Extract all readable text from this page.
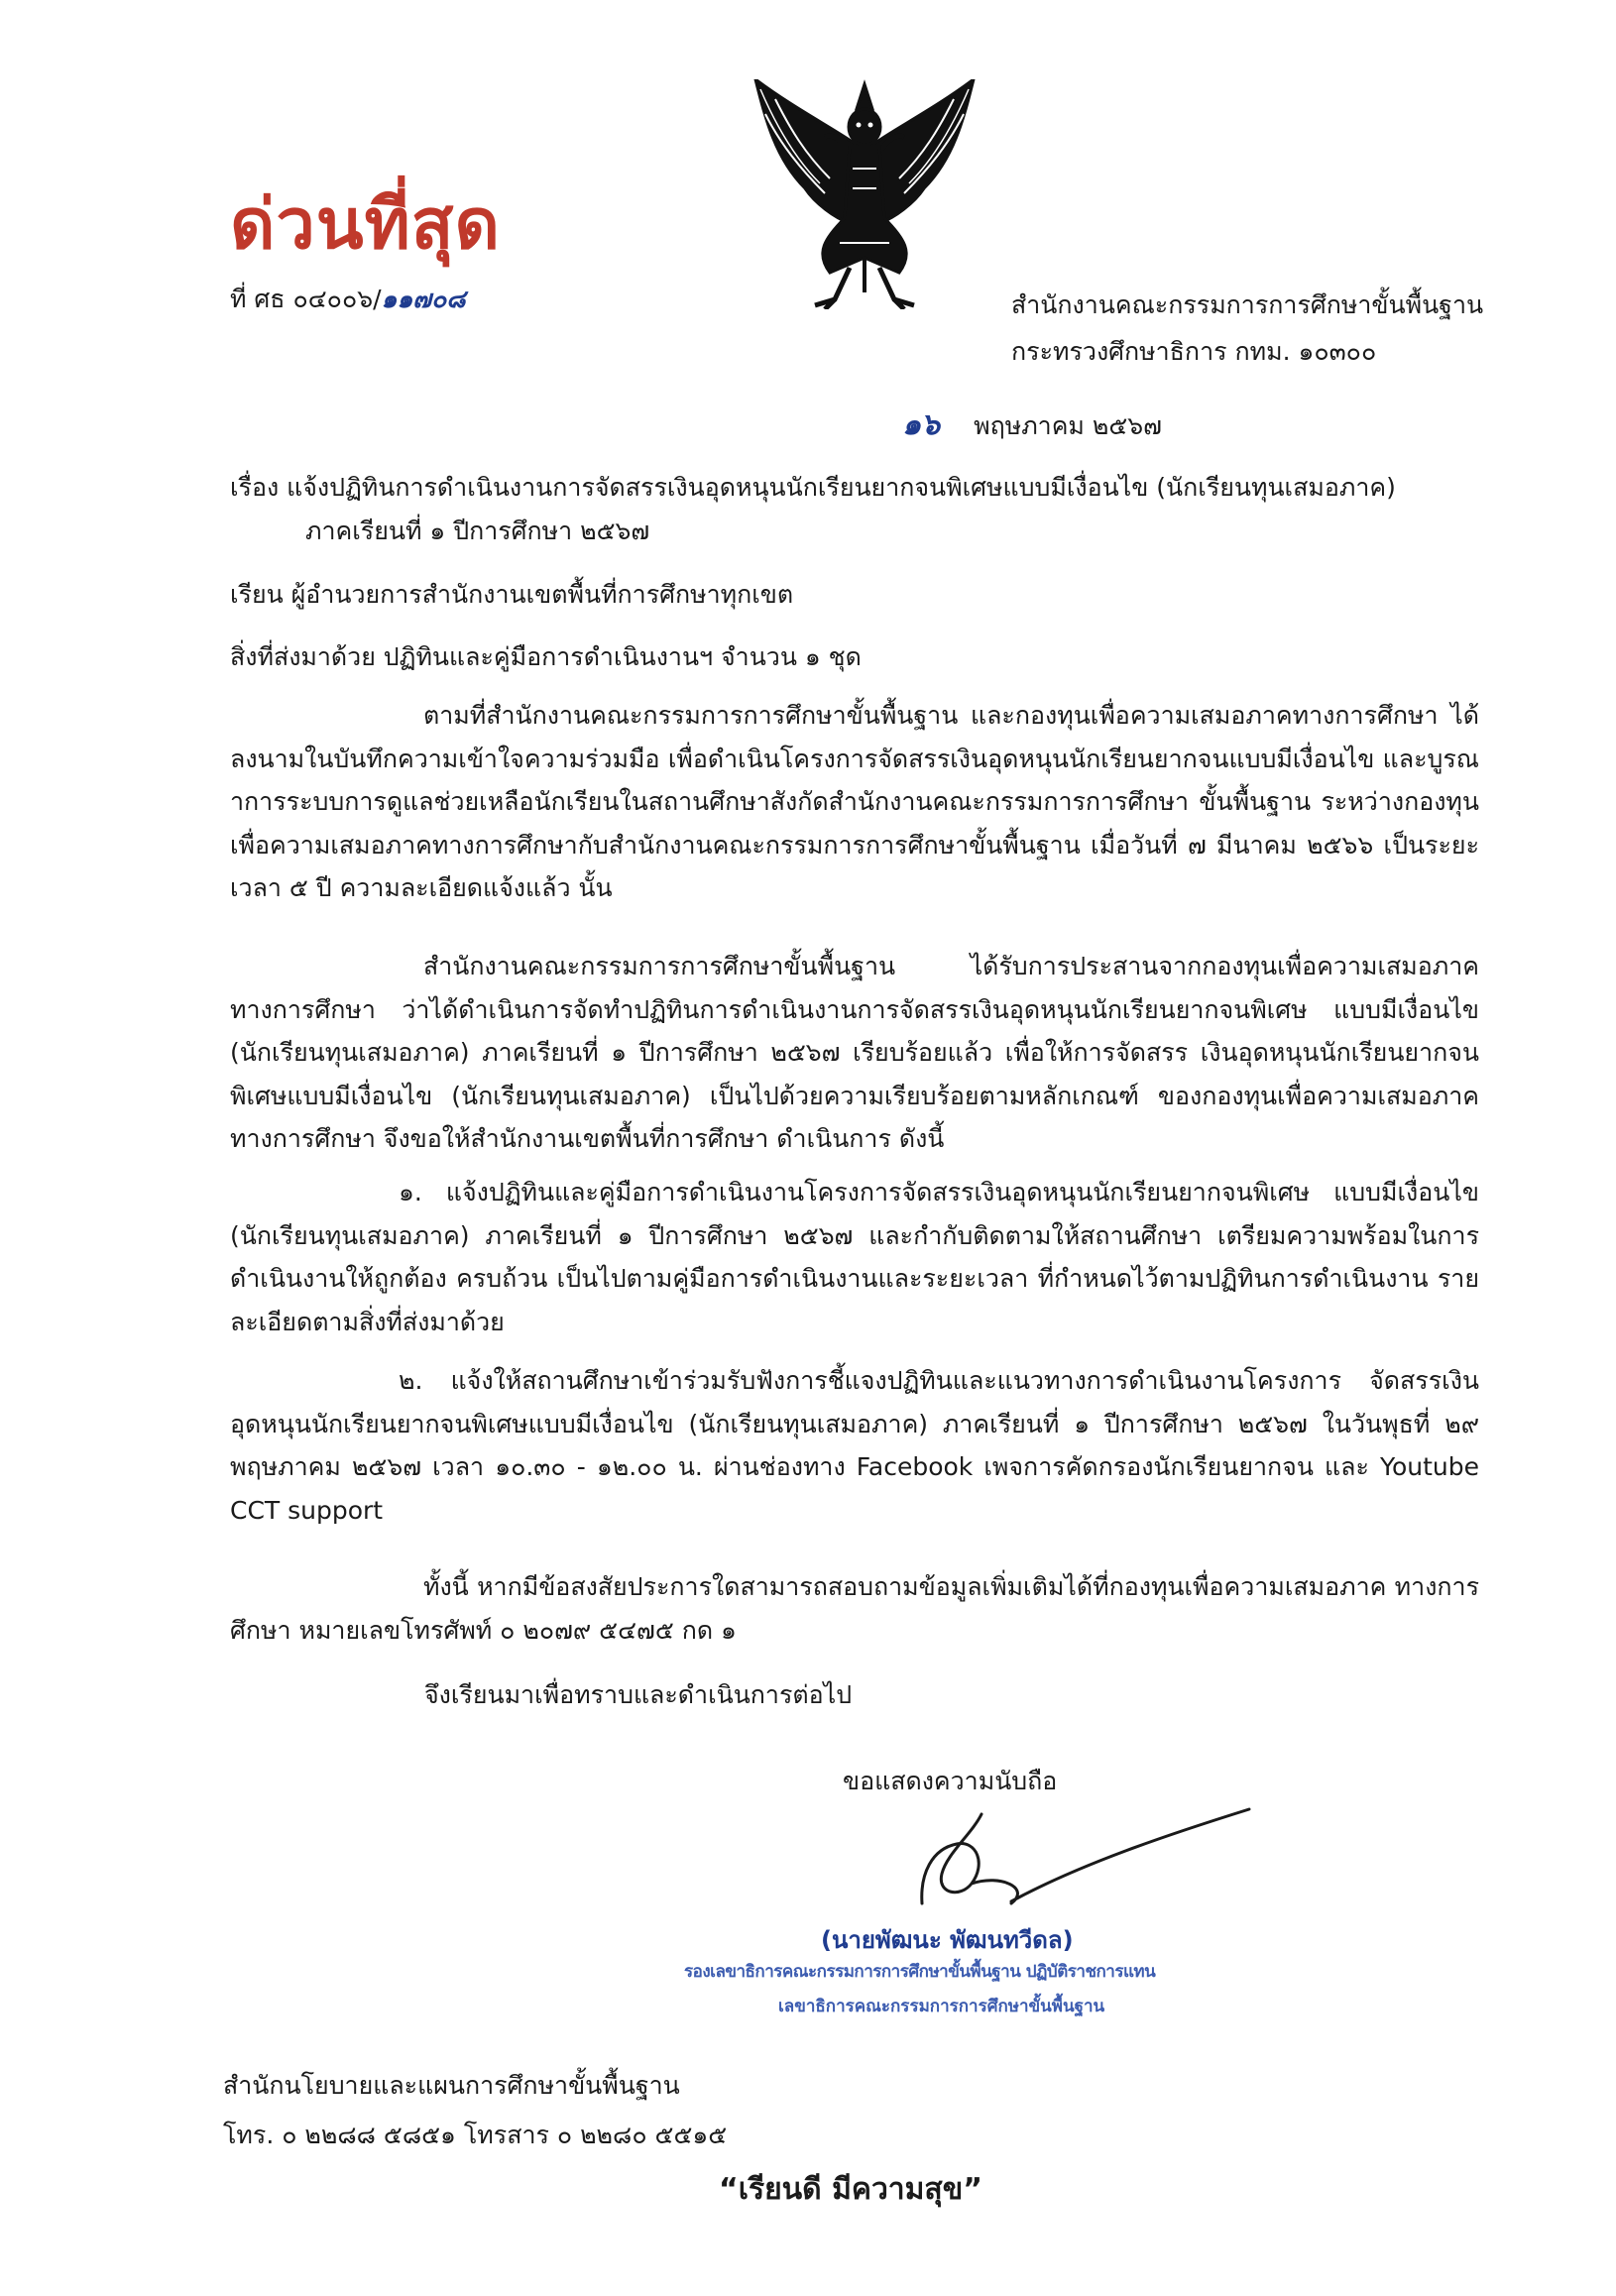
ด่วนที่สุด
ที่ ศธ ๐๔๐๐๖/๑๑๗๐๘	สำนักงานคณะกรรมการการศึกษาขั้นพื้นฐาน
กระทรวงศึกษาธิการ กทม. ๑๐๓๐๐
๑๖ พฤษภาคม ๒๕๖๗
เรื่อง แจ้งปฏิทินการดำเนินงานการจัดสรรเงินอุดหนุนนักเรียนยากจนพิเศษแบบมีเงื่อนไข (นักเรียนทุนเสมอภาค)
ภาคเรียนที่ ๑ ปีการศึกษา ๒๕๖๗
เรียน ผู้อำนวยการสำนักงานเขตพื้นที่การศึกษาทุกเขต
สิ่งที่ส่งมาด้วย ปฏิทินและคู่มือการดำเนินงานฯ จำนวน ๑ ชุด
ตามที่สำนักงานคณะกรรมการการศึกษาขั้นพื้นฐาน และกองทุนเพื่อความเสมอภาคทางการศึกษา ได้ลงนามในบันทึกความเข้าใจความร่วมมือ เพื่อดำเนินโครงการจัดสรรเงินอุดหนุนนักเรียนยากจนแบบมีเงื่อนไข และบูรณาการระบบการดูแลช่วยเหลือนักเรียนในสถานศึกษาสังกัดสำนักงานคณะกรรมการการศึกษา ขั้นพื้นฐาน ระหว่างกองทุนเพื่อความเสมอภาคทางการศึกษากับสำนักงานคณะกรรมการการศึกษาขั้นพื้นฐาน เมื่อวันที่ ๗ มีนาคม ๒๕๖๖ เป็นระยะเวลา ๕ ปี ความละเอียดแจ้งแล้ว นั้น
สำนักงานคณะกรรมการการศึกษาขั้นพื้นฐาน ได้รับการประสานจากกองทุนเพื่อความเสมอภาค ทางการศึกษา ว่าได้ดำเนินการจัดทำปฏิทินการดำเนินงานการจัดสรรเงินอุดหนุนนักเรียนยากจนพิเศษ แบบมีเงื่อนไข (นักเรียนทุนเสมอภาค) ภาคเรียนที่ ๑ ปีการศึกษา ๒๕๖๗ เรียบร้อยแล้ว เพื่อให้การจัดสรร เงินอุดหนุนนักเรียนยากจนพิเศษแบบมีเงื่อนไข (นักเรียนทุนเสมอภาค) เป็นไปด้วยความเรียบร้อยตามหลักเกณฑ์ ของกองทุนเพื่อความเสมอภาคทางการศึกษา จึงขอให้สำนักงานเขตพื้นที่การศึกษา ดำเนินการ ดังนี้
๑. แจ้งปฏิทินและคู่มือการดำเนินงานโครงการจัดสรรเงินอุดหนุนนักเรียนยากจนพิเศษ แบบมีเงื่อนไข (นักเรียนทุนเสมอภาค) ภาคเรียนที่ ๑ ปีการศึกษา ๒๕๖๗ และกำกับติดตามให้สถานศึกษา เตรียมความพร้อมในการดำเนินงานให้ถูกต้อง ครบถ้วน เป็นไปตามคู่มือการดำเนินงานและระยะเวลา ที่กำหนดไว้ตามปฏิทินการดำเนินงาน รายละเอียดตามสิ่งที่ส่งมาด้วย
๒. แจ้งให้สถานศึกษาเข้าร่วมรับฟังการชี้แจงปฏิทินและแนวทางการดำเนินงานโครงการ จัดสรรเงินอุดหนุนนักเรียนยากจนพิเศษแบบมีเงื่อนไข (นักเรียนทุนเสมอภาค) ภาคเรียนที่ ๑ ปีการศึกษา ๒๕๖๗ ในวันพุธที่ ๒๙ พฤษภาคม ๒๕๖๗ เวลา ๑๐.๓๐ - ๑๒.๐๐ น. ผ่านช่องทาง Facebook เพจการคัดกรองนักเรียนยากจน และ Youtube CCT support
ทั้งนี้ หากมีข้อสงสัยประการใดสามารถสอบถามข้อมูลเพิ่มเติมได้ที่กองทุนเพื่อความเสมอภาค ทางการศึกษา หมายเลขโทรศัพท์ ๐ ๒๐๗๙ ๕๔๗๕ กด ๑
จึงเรียนมาเพื่อทราบและดำเนินการต่อไป
ขอแสดงความนับถือ
(นายพัฒนะ พัฒนทวีดล)
รองเลขาธิการคณะกรรมการการศึกษาขั้นพื้นฐาน ปฏิบัติราชการแทน
เลขาธิการคณะกรรมการการศึกษาขั้นพื้นฐาน
สำนักนโยบายและแผนการศึกษาขั้นพื้นฐาน
โทร. ๐ ๒๒๘๘ ๕๘๕๑ โทรสาร ๐ ๒๒๘๐ ๕๕๑๕
“เรียนดี มีความสุข”
